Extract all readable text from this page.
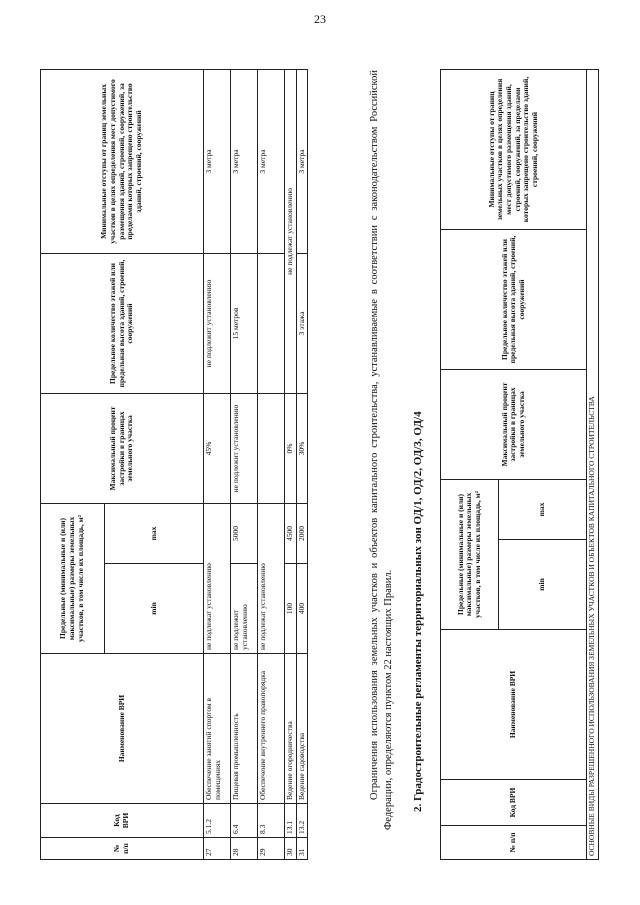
23
№ п/п	Код ВРИ	Наименование ВРИ	Предельные (минимальные и (или) максимальные) размеры земельных участков, в том числе их площадь, м²		Максимальный процент застройки в границах земельного участка	Предельное количество этажей или предельная высота зданий, строений, сооружений	Минимальные отступы от границ земельных участков в целях определения мест допустимого размещения зданий, строений, сооружений, за пределами которых запрещено строительство зданий, строений, сооружений
			min	max			
27	5.1.2	Обеспечение занятий спортом в помещениях	не подлежат установлению		45%	не подлежит установлению	3 метра
28	6.4	Пищевая промышленность	не подлежит установлению	5000	не подлежит установлению	15 метров	3 метра
29	8.3	Обеспечение внутреннего правопорядка	не подлежат установлению				3 метра
30	13.1	Ведение огородничества	100	4500	0%	не подлежат установлению	
31	13.2	Ведение садоводства	400	2000	30%	3 этажа	3 метра	Ограничения использования земельных участков и объектов капитального строительства, устанавливаемые в соответствии с законодательством Российской Федерации, определяются пунктом 22 настоящих Правил. 2. Градостроительные регламенты территориальных зон ОД/1, ОД/2, ОД/3, ОД/4
№ п/п	Код ВРИ	Наименование ВРИ	Предельные (минимальные и (или) максимальные) размеры земельных участков, в том числе их площадь, м²		Максимальный процент застройки в границах земельного участка	Предельное количество этажей или предельная высота зданий, строений, сооружений	Минимальные отступы от границ земельных участков в целях определения мест допустимого размещения зданий, строений, сооружений, за пределами которых запрещено строительство зданий, строений, сооружений
			min	max			
ОСНОВНЫЕ ВИДЫ РАЗРЕШЕННОГО ИСПОЛЬЗОВАНИЯ ЗЕМЕЛЬНЫХ УЧАСТКОВ И ОБЪЕКТОВ КАПИТАЛЬНОГО СТРОИТЕЛЬСТВА							
